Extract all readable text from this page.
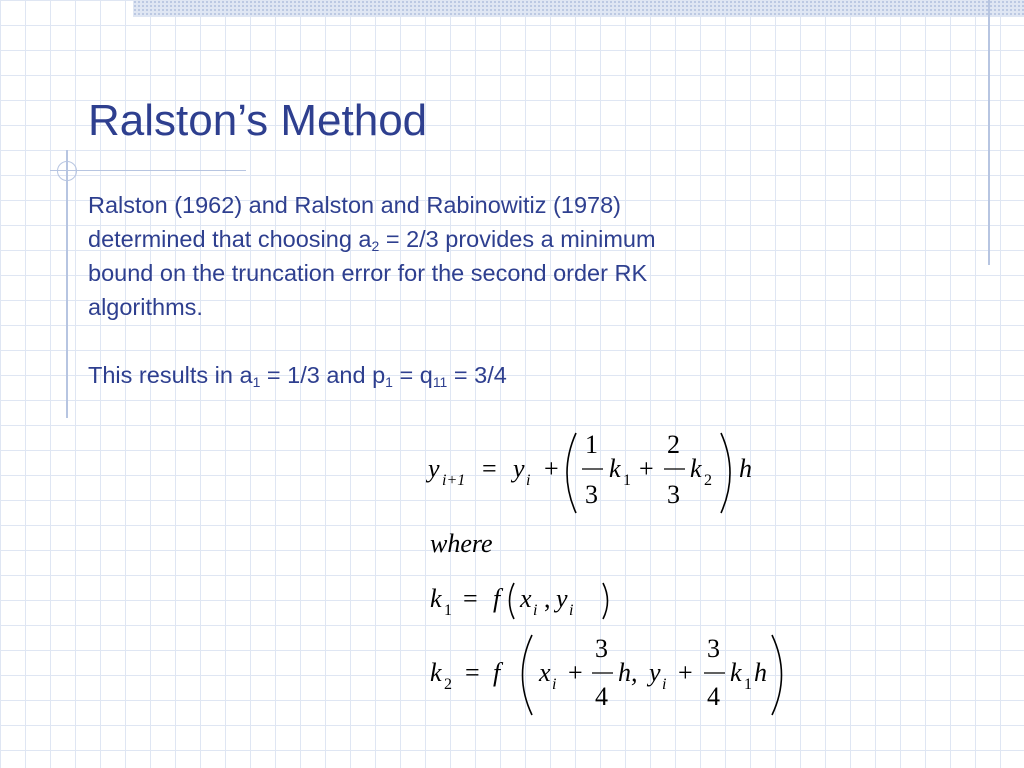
Ralston’s Method

Ralston (1962) and Ralston and Rabinowitiz (1978)

determined that choosing $a_2 = 2/3$ provides a minimum

bound on the truncation error for the second order RK

algorithms.

This results in $a_1 = 1/3$ and $p_1 = q_{11} = 3/4$

y i+1 = y i +
1
3
k 1 +
2
3
k 2 h
where
k 1 = f x i , y i
k 2 = f x i +
3
4
h, y i +
3
4
k 1 h
